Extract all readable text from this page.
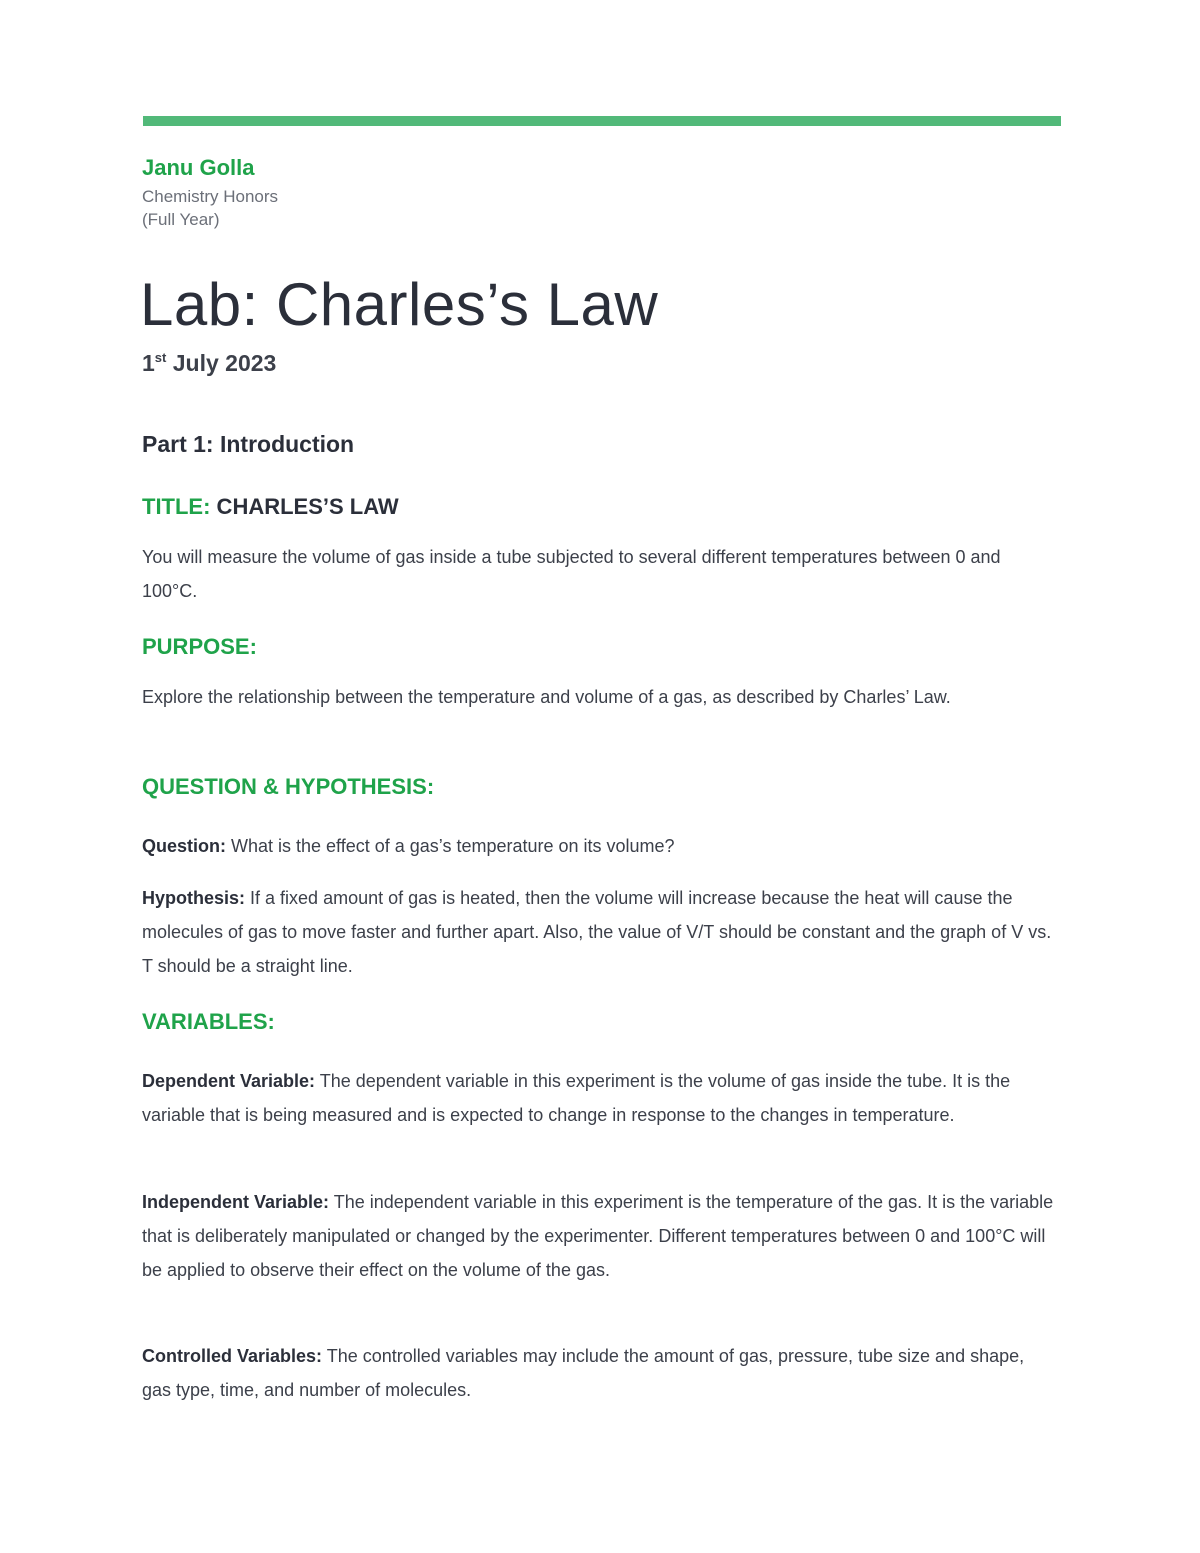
Janu Golla

Chemistry Honors

(Full Year)

Lab: Charles’s Law

1st July 2023

Part 1: Introduction
TITLE: CHARLES’S LAW

You will measure the volume of gas inside a tube subjected to several different temperatures between 0 and 100°C.

PURPOSE:

Explore the relationship between the temperature and volume of a gas, as described by Charles’ Law.

QUESTION & HYPOTHESIS:

Question: What is the effect of a gas’s temperature on its volume?

Hypothesis: If a fixed amount of gas is heated, then the volume will increase because the heat will cause the molecules of gas to move faster and further apart. Also, the value of V/T should be constant and the graph of V vs. T should be a straight line.

VARIABLES:

Dependent Variable: The dependent variable in this experiment is the volume of gas inside the tube. It is the variable that is being measured and is expected to change in response to the changes in temperature.

Independent Variable: The independent variable in this experiment is the temperature of the gas. It is the variable that is deliberately manipulated or changed by the experimenter. Different temperatures between 0 and 100°C will be applied to observe their effect on the volume of the gas.

Controlled Variables: The controlled variables may include the amount of gas, pressure, tube size and shape, gas type, time, and number of molecules.
